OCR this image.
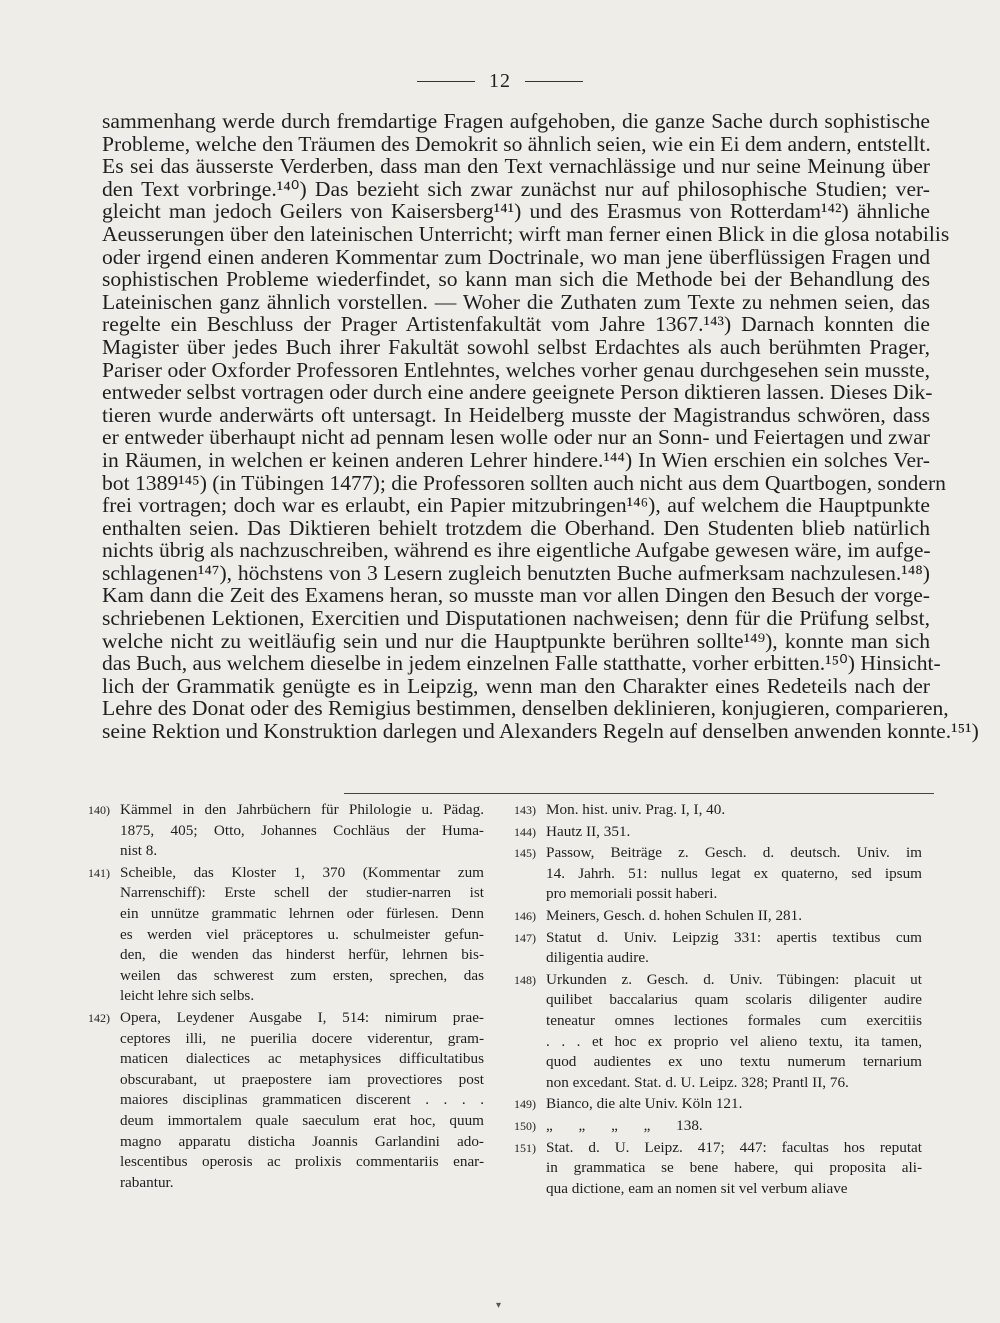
12
sammenhang werde durch fremdartige Fragen aufgehoben, die ganze Sache durch sophistische
Probleme, welche den Träumen des Demokrit so ähnlich seien, wie ein Ei dem andern, entstellt.
Es sei das äusserste Verderben, dass man den Text vernachlässige und nur seine Meinung über
den Text vorbringe.¹⁴⁰) Das bezieht sich zwar zunächst nur auf philosophische Studien; ver-
gleicht man jedoch Geilers von Kaisersberg¹⁴¹) und des Erasmus von Rotterdam¹⁴²) ähnliche
Aeusserungen über den lateinischen Unterricht; wirft man ferner einen Blick in die glosa notabilis
oder irgend einen anderen Kommentar zum Doctrinale, wo man jene überflüssigen Fragen und
sophistischen Probleme wiederfindet, so kann man sich die Methode bei der Behandlung des
Lateinischen ganz ähnlich vorstellen. — Woher die Zuthaten zum Texte zu nehmen seien, das
regelte ein Beschluss der Prager Artistenfakultät vom Jahre 1367.¹⁴³) Darnach konnten die
Magister über jedes Buch ihrer Fakultät sowohl selbst Erdachtes als auch berühmten Prager,
Pariser oder Oxforder Professoren Entlehntes, welches vorher genau durchgesehen sein musste,
entweder selbst vortragen oder durch eine andere geeignete Person diktieren lassen. Dieses Dik-
tieren wurde anderwärts oft untersagt. In Heidelberg musste der Magistrandus schwören, dass
er entweder überhaupt nicht ad pennam lesen wolle oder nur an Sonn- und Feiertagen und zwar
in Räumen, in welchen er keinen anderen Lehrer hindere.¹⁴⁴) In Wien erschien ein solches Ver-
bot 1389¹⁴⁵) (in Tübingen 1477); die Professoren sollten auch nicht aus dem Quartbogen, sondern
frei vortragen; doch war es erlaubt, ein Papier mitzubringen¹⁴⁶), auf welchem die Hauptpunkte
enthalten seien. Das Diktieren behielt trotzdem die Oberhand. Den Studenten blieb natürlich
nichts übrig als nachzuschreiben, während es ihre eigentliche Aufgabe gewesen wäre, im aufge-
schlagenen¹⁴⁷), höchstens von 3 Lesern zugleich benutzten Buche aufmerksam nachzulesen.¹⁴⁸)
Kam dann die Zeit des Examens heran, so musste man vor allen Dingen den Besuch der vorge-
schriebenen Lektionen, Exercitien und Disputationen nachweisen; denn für die Prüfung selbst,
welche nicht zu weitläufig sein und nur die Hauptpunkte berühren sollte¹⁴⁹), konnte man sich
das Buch, aus welchem dieselbe in jedem einzelnen Falle statthatte, vorher erbitten.¹⁵⁰) Hinsicht-
lich der Grammatik genügte es in Leipzig, wenn man den Charakter eines Redeteils nach der
Lehre des Donat oder des Remigius bestimmen, denselben deklinieren, konjugieren, comparieren,
seine Rektion und Konstruktion darlegen und Alexanders Regeln auf denselben anwenden konnte.¹⁵¹)
140) Kämmel in den Jahrbüchern für Philologie u. Pädag.
1875, 405; Otto, Johannes Cochläus der Huma-
nist 8.
141) Scheible, das Kloster 1, 370 (Kommentar zum
Narrenschiff): Erste schell der studier-narren ist
ein unnütze grammatic lehrnen oder fürlesen. Denn
es werden viel präceptores u. schulmeister gefun-
den, die wenden das hinderst herfür, lehrnen bis-
weilen das schwerest zum ersten, sprechen, das
leicht lehre sich selbs.
142) Opera, Leydener Ausgabe I, 514: nimirum prae-
ceptores illi, ne puerilia docere viderentur, gram-
maticen dialectices ac metaphysices difficultatibus
obscurabant, ut praepostere iam provectiores post
maiores disciplinas grammaticen discerent . . . .
deum immortalem quale saeculum erat hoc, quum
magno apparatu disticha Joannis Garlandini ado-
lescentibus operosis ac prolixis commentariis enar-
rabantur.
143) Mon. hist. univ. Prag. I, I, 40.
144) Hautz II, 351.
145) Passow, Beiträge z. Gesch. d. deutsch. Univ. im
14. Jahrh. 51: nullus legat ex quaterno, sed ipsum
pro memoriali possit haberi.
146) Meiners, Gesch. d. hohen Schulen II, 281.
147) Statut d. Univ. Leipzig 331: apertis textibus cum
diligentia audire.
148) Urkunden z. Gesch. d. Univ. Tübingen: placuit ut
quilibet baccalarius quam scolaris diligenter audire
teneatur omnes lectiones formales cum exercitiis
. . . et hoc ex proprio vel alieno textu, ita tamen,
quod audientes ex uno textu numerum ternarium
non excedant. Stat. d. U. Leipz. 328; Prantl II, 76.
149) Bianco, die alte Univ. Köln 121.
150) „ „ „ „ 138.
151) Stat. d. U. Leipz. 417; 447: facultas hos reputat
in grammatica se bene habere, qui proposita ali-
qua dictione, eam an nomen sit vel verbum aliave
▾
